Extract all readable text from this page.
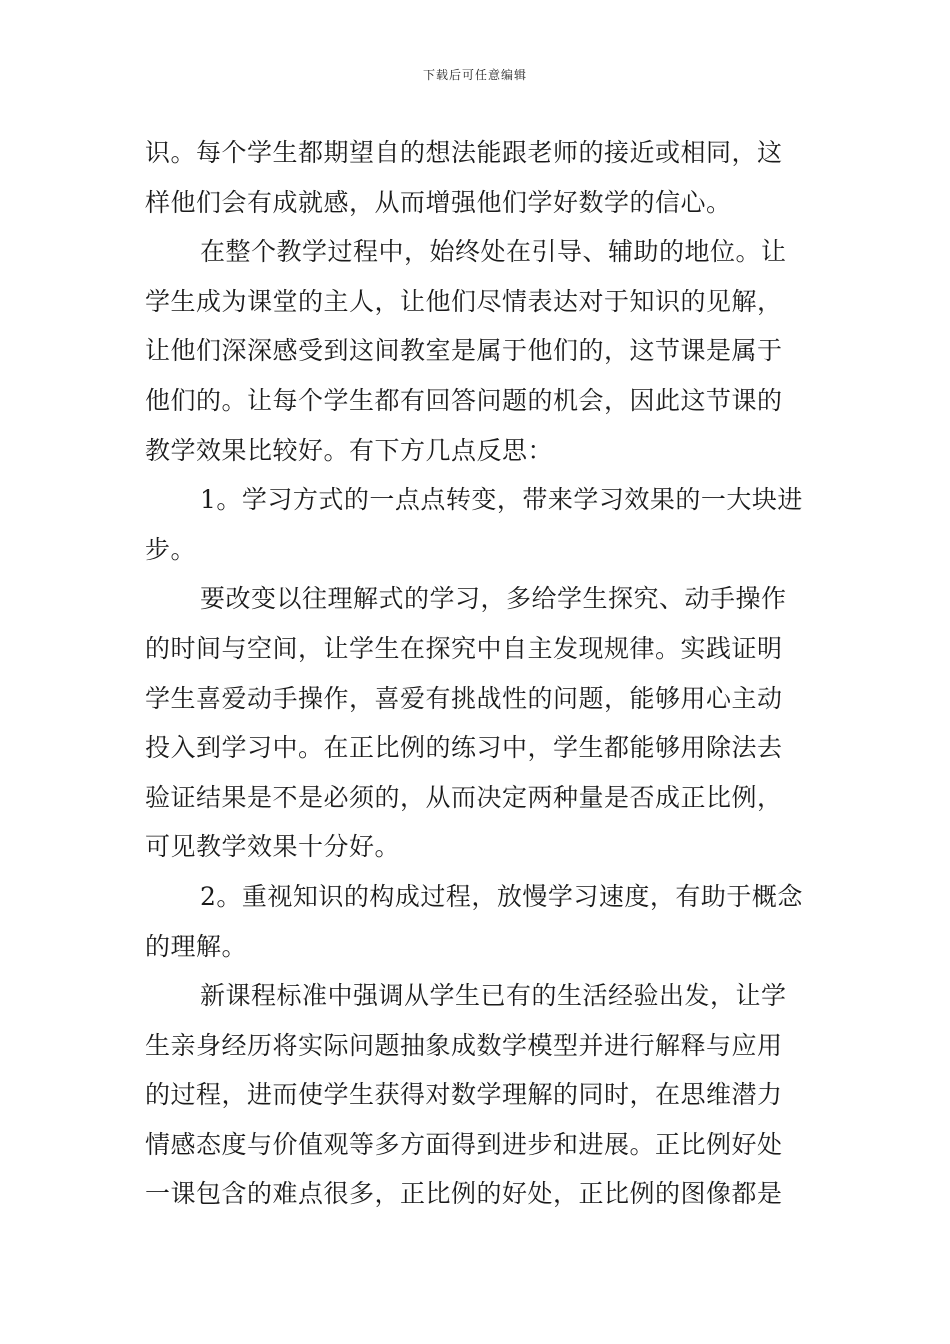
下载后可任意编辑
识。每个学生都期望自的想法能跟老师的接近或相同，这
样他们会有成就感，从而增强他们学好数学的信心。
在整个教学过程中，始终处在引导、辅助的地位。让
学生成为课堂的主人，让他们尽情表达对于知识的见解，
让他们深深感受到这间教室是属于他们的，这节课是属于
他们的。让每个学生都有回答问题的机会，因此这节课的
教学效果比较好。有下方几点反思：
1。学习方式的一点点转变，带来学习效果的一大块进
步。
要改变以往理解式的学习，多给学生探究、动手操作
的时间与空间，让学生在探究中自主发现规律。实践证明
学生喜爱动手操作，喜爱有挑战性的问题，能够用心主动
投入到学习中。在正比例的练习中，学生都能够用除法去
验证结果是不是必须的，从而决定两种量是否成正比例，
可见教学效果十分好。
2。重视知识的构成过程，放慢学习速度，有助于概念
的理解。
新课程标准中强调从学生已有的生活经验出发，让学
生亲身经历将实际问题抽象成数学模型并进行解释与应用
的过程，进而使学生获得对数学理解的同时，在思维潜力
情感态度与价值观等多方面得到进步和进展。正比例好处
一课包含的难点很多，正比例的好处，正比例的图像都是
